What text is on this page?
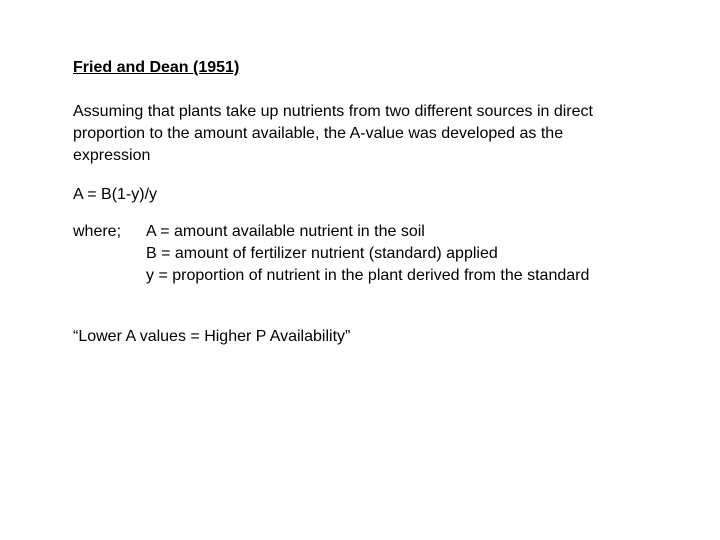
Fried and Dean (1951)
Assuming that plants take up nutrients from two different sources in direct
proportion to the amount available, the A-value was developed as the
expression
A = B(1-y)/y
where;	A = amount available nutrient in the soil
B = amount of fertilizer nutrient (standard) applied
y = proportion of nutrient in the plant derived from the standard
“Lower A values = Higher P Availability”
